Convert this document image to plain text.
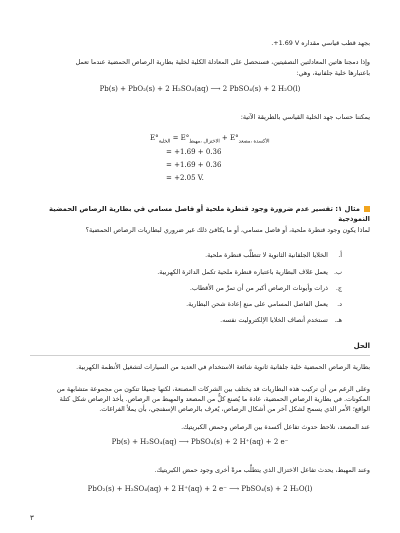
بجهد قطب قياسي مقداره ‎+1.69 V‎.
وإذا دمجنا هاتين المعادلتين النصفيتين، فسنحصل على المعادلة الكلية لخلية بطارية الرصاص الحمضية عندما تعمل
باعتبارها خلية جلفانية، وهي:
Pb(s) + PbO₂(s) + 2 H₂SO₄(aq) ⟶ 2 PbSO₄(s) + 2 H₂O(l)
يمكننا حساب جهد الخلية القياسي بالطريقة الآتية:
$E^\circ_{الخلية} = E^\circ_{الاختزال ،مهبط} + E^\circ_{الأكسدة ،مصعد}$
= +1.69 + 0.36
= +1.69 + 0.36
= +2.05 V.
مثال ١: تفسير عدم ضرورة وجود قنطرة ملحية أو فاصل مسامي في بطارية الرصاص الحمضية النموذجية
لماذا يكون وجود قنطرة ملحية، أو فاصل مسامي، أو ما يكافئ ذلك غير ضروري لبطاريات الرصاص الحمضية؟
أ. الخلايا الجلفانية الثانوية لا تتطلَّب قنطرة ملحية.
ب. يعمل غلاف البطارية باعتباره قنطرة ملحية تكمل الدائرة الكهربية.
ج. ذرات وأيونات الرصاص أكبر من أن تمرَّ من الأقطاب.
د. يعمل الفاصل المسامي على منع إعادة شحن البطارية.
هـ. تستخدم أنصاف الخلايا الإلكتروليت نفسه.
الحل
بطارية الرصاص الحمضية خلية جلفانية ثانوية شائعة الاستخدام في العديد من السيارات لتشغيل الأنظمة الكهربية.
وعلى الرغم من أن تركيب هذه البطاريات قد يختلف بين الشركات المصنعة، لكنها جميعًا تتكون من مجموعة متشابهة من
المكونات. في بطارية الرصاص الحمضية، عادة ما يُصنع كلٌّ من المصعد والمهبط من الرصاص. يأخذ الرصاص شكل كتلة
الواقع؛ الأمر الذي يسمح لشكل آخر من أشكال الرصاص، يُعرف بالرصاص الإسفنجي، بأن يملأ الفراغات.
عند المصعد، نلاحظ حدوث تفاعل أكسدة بين الرصاص وحمض الكبريتيك.
Pb(s) + H₂SO₄(aq) ⟶ PbSO₄(s) + 2 H⁺(aq) + 2 e⁻
وعند المهبط، يحدث تفاعل الاختزال الذي يتطلَّب مرةً أخرى وجود حمض الكبريتيك.
PbO₂(s) + H₂SO₄(aq) + 2 H⁺(aq) + 2 e⁻ ⟶ PbSO₄(s) + 2 H₂O(l)
٣
